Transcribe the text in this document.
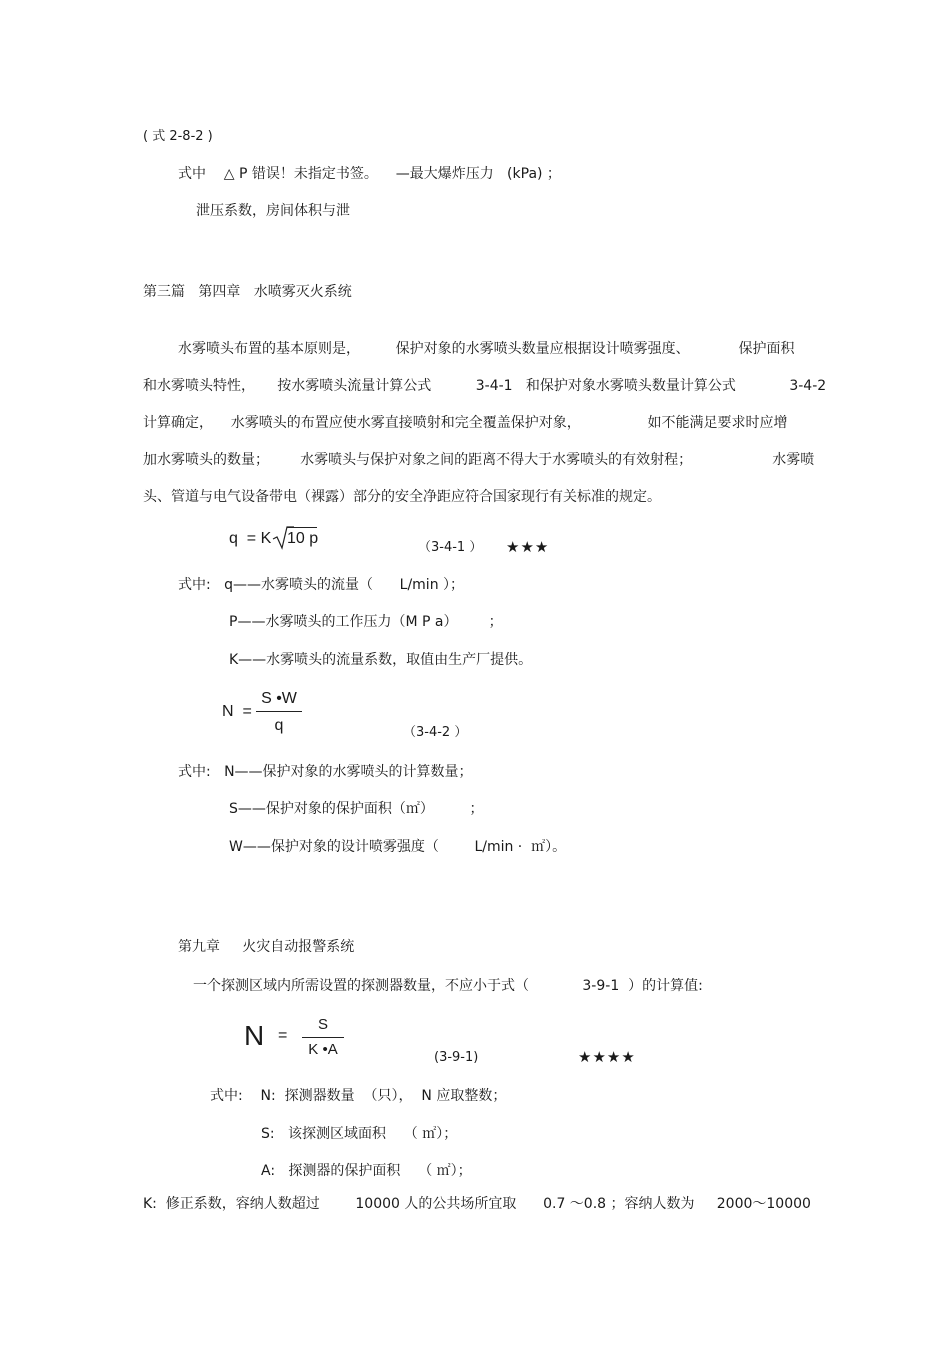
( 式 2-8-2 )
式中    △ P 错误！未指定书签。    —最大爆炸压力   (kPa) ；
泄压系数，房间体积与泄
第三篇   第四章   水喷雾灭火系统
水雾喷头布置的基本原则是，        保护对象的水雾喷头数量应根据设计喷雾强度、           保护面积
和水雾喷头特性，     按水雾喷头流量计算公式          3-4-1   和保护对象水雾喷头数量计算公式            3-4-2
计算确定，    水雾喷头的布置应使水雾直接喷射和完全覆盖保护对象，               如不能满足要求时应增
加水雾喷头的数量；       水雾喷头与保护对象之间的距离不得大于水雾喷头的有效射程；                  水雾喷
头、管道与电气设备带电（裸露）部分的安全净距应符合国家现行有关标准的规定。
q  = K 10 p
（3-4-1 ） ★★★
式中:   q——水雾喷头的流量（      L/min ）；
P——水雾喷头的工作压力（M P a）       ；
K——水雾喷头的流量系数，取值由生产厂提供。
N  =
S •W
q	（3-4-2 ）
式中:   N——保护对象的水雾喷头的计算数量；
S——保护对象的保护面积（㎡）        ；
W——保护对象的设计喷雾强度（        L/min ·  ㎡）。
第九章     火灾自动报警系统
一个探测区域内所需设置的探测器数量，不应小于式（            3-9-1  ）的计算值:
N =
S
K •A	(3-9-1)	★★★★
式中:    N:  探测器数量  （只），  N 应取整数；
S:   该探测区域面积    （ ㎡）；
A:   探测器的保护面积    （ ㎡）；
K:  修正系数，容纳人数超过        10000 人的公共场所宜取      0.7 ～0.8 ；容纳人数为     2000～10000
